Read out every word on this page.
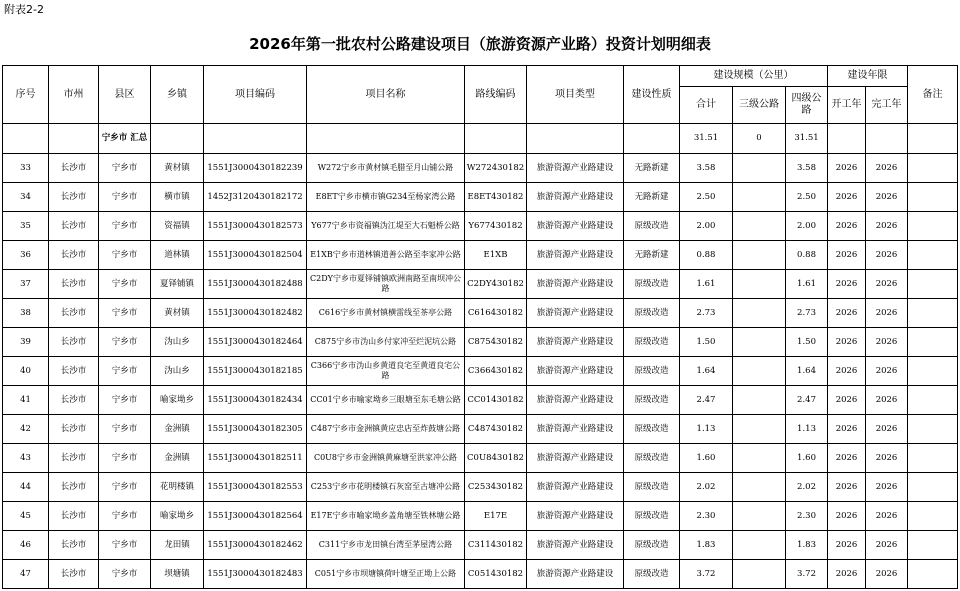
附表2-2
2026年第一批农村公路建设项目（旅游资源产业路）投资计划明细表
序号	市州	县区	乡镇	项目编码	项目名称	路线编码	项目类型	建设性质	建设规模（公里）			建设年限		备注
									合计	三级公路	四级公路	开工年	完工年	
		宁乡市 汇总							31.51	0	31.51			
33	长沙市	宁乡市	黄材镇	1551J3000430182239	W272宁乡市黄材镇毛腊至月山铺公路	W272430182	旅游资源产业路建设	无路新建	3.58		3.58	2026	2026	
34	长沙市	宁乡市	横市镇	1452J3120430182172	E8ET宁乡市横市镇G234至杨家湾公路	E8ET430182	旅游资源产业路建设	无路新建	2.50		2.50	2026	2026	
35	长沙市	宁乡市	资福镇	1551J3000430182573	Y677宁乡市资福镇沩江堤至大石魁桥公路	Y677430182	旅游资源产业路建设	原级改造	2.00		2.00	2026	2026	
36	长沙市	宁乡市	道林镇	1551J3000430182504	E1XB宁乡市道林镇道善公路至李家冲公路	E1XB	旅游资源产业路建设	无路新建	0.88		0.88	2026	2026	
37	长沙市	宁乡市	夏铎铺镇	1551J3000430182488	C2DY宁乡市夏铎铺镇欧洲南路至南坝冲公路	C2DY430182	旅游资源产业路建设	原级改造	1.61		1.61	2026	2026	
38	长沙市	宁乡市	黄材镇	1551J3000430182482	C616宁乡市黄材镇横雷线至茶亭公路	C616430182	旅游资源产业路建设	原级改造	2.73		2.73	2026	2026	
39	长沙市	宁乡市	沩山乡	1551J3000430182464	C875宁乡市沩山乡付家冲至烂泥坑公路	C875430182	旅游资源产业路建设	原级改造	1.50		1.50	2026	2026	
40	长沙市	宁乡市	沩山乡	1551J3000430182185	C366宁乡市沩山乡黄道良宅至黄道良宅公路	C366430182	旅游资源产业路建设	原级改造	1.64		1.64	2026	2026	
41	长沙市	宁乡市	喻家坳乡	1551J3000430182434	CC01宁乡市喻家坳乡三眼塘至东毛塘公路	CC01430182	旅游资源产业路建设	原级改造	2.47		2.47	2026	2026	
42	长沙市	宁乡市	金洲镇	1551J3000430182305	C487宁乡市金洲镇黄应忠店至炸鼓塘公路	C487430182	旅游资源产业路建设	原级改造	1.13		1.13	2026	2026	
43	长沙市	宁乡市	金洲镇	1551J3000430182511	C0U8宁乡市金洲镇黄麻塘至洪家冲公路	C0U8430182	旅游资源产业路建设	原级改造	1.60		1.60	2026	2026	
44	长沙市	宁乡市	花明楼镇	1551J3000430182553	C253宁乡市花明楼镇石灰窑至古塘冲公路	C253430182	旅游资源产业路建设	原级改造	2.02		2.02	2026	2026	
45	长沙市	宁乡市	喻家坳乡	1551J3000430182564	E17E宁乡市喻家坳乡盖角塘至铁林塘公路	E17E	旅游资源产业路建设	原级改造	2.30		2.30	2026	2026	
46	长沙市	宁乡市	龙田镇	1551J3000430182462	C311宁乡市龙田镇台湾至茅屋湾公路	C311430182	旅游资源产业路建设	原级改造	1.83		1.83	2026	2026	
47	长沙市	宁乡市	坝塘镇	1551J3000430182483	C051宁乡市坝塘镇荷叶塘至正坳上公路	C051430182	旅游资源产业路建设	原级改造	3.72		3.72	2026	2026	
